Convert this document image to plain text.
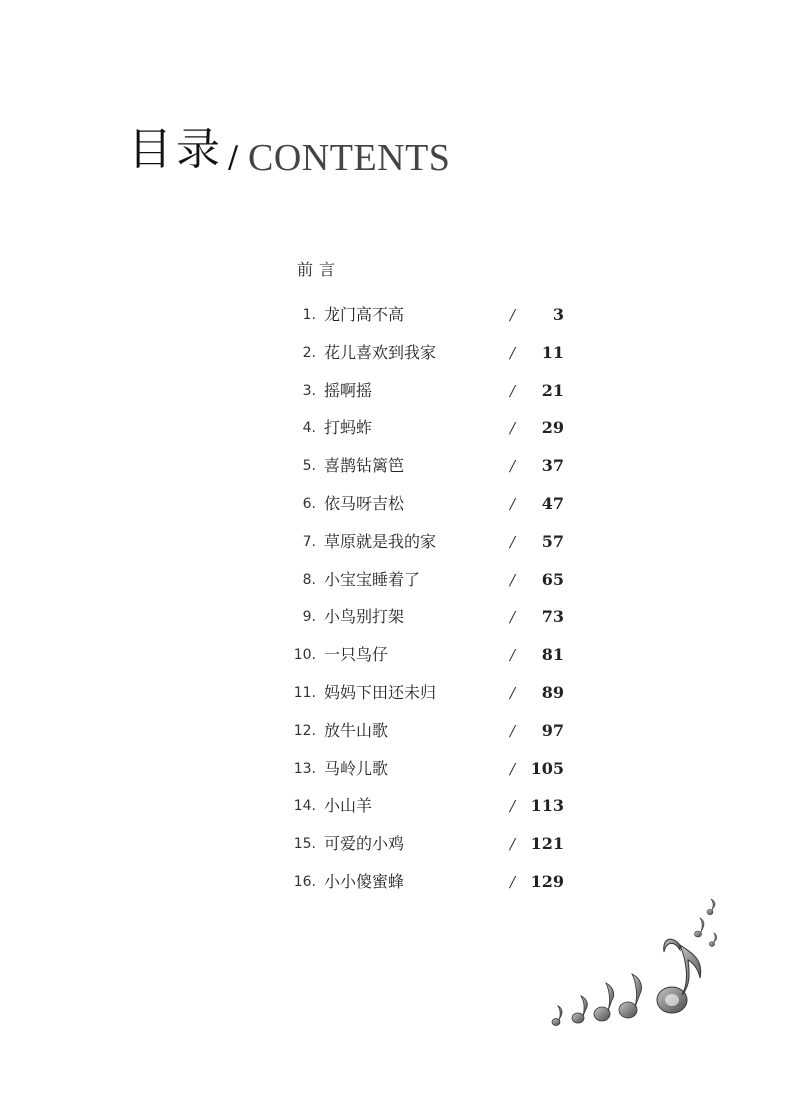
目录 / CONTENTS
前言
1. 龙门高不高	/	3
2. 花儿喜欢到我家	/	11
3. 摇啊摇	/	21
4. 打蚂蚱	/	29
5. 喜鹊钻篱笆	/	37
6. 依马呀吉松	/	47
7. 草原就是我的家	/	57
8. 小宝宝睡着了	/	65
9. 小鸟别打架	/	73
10. 一只鸟仔	/	81
11. 妈妈下田还未归	/	89
12. 放牛山歌	/	97
13. 马岭儿歌	/ 105
14. 小山羊	/ 113
15. 可爱的小鸡	/ 121
16. 小小傻蜜蜂	/ 129
